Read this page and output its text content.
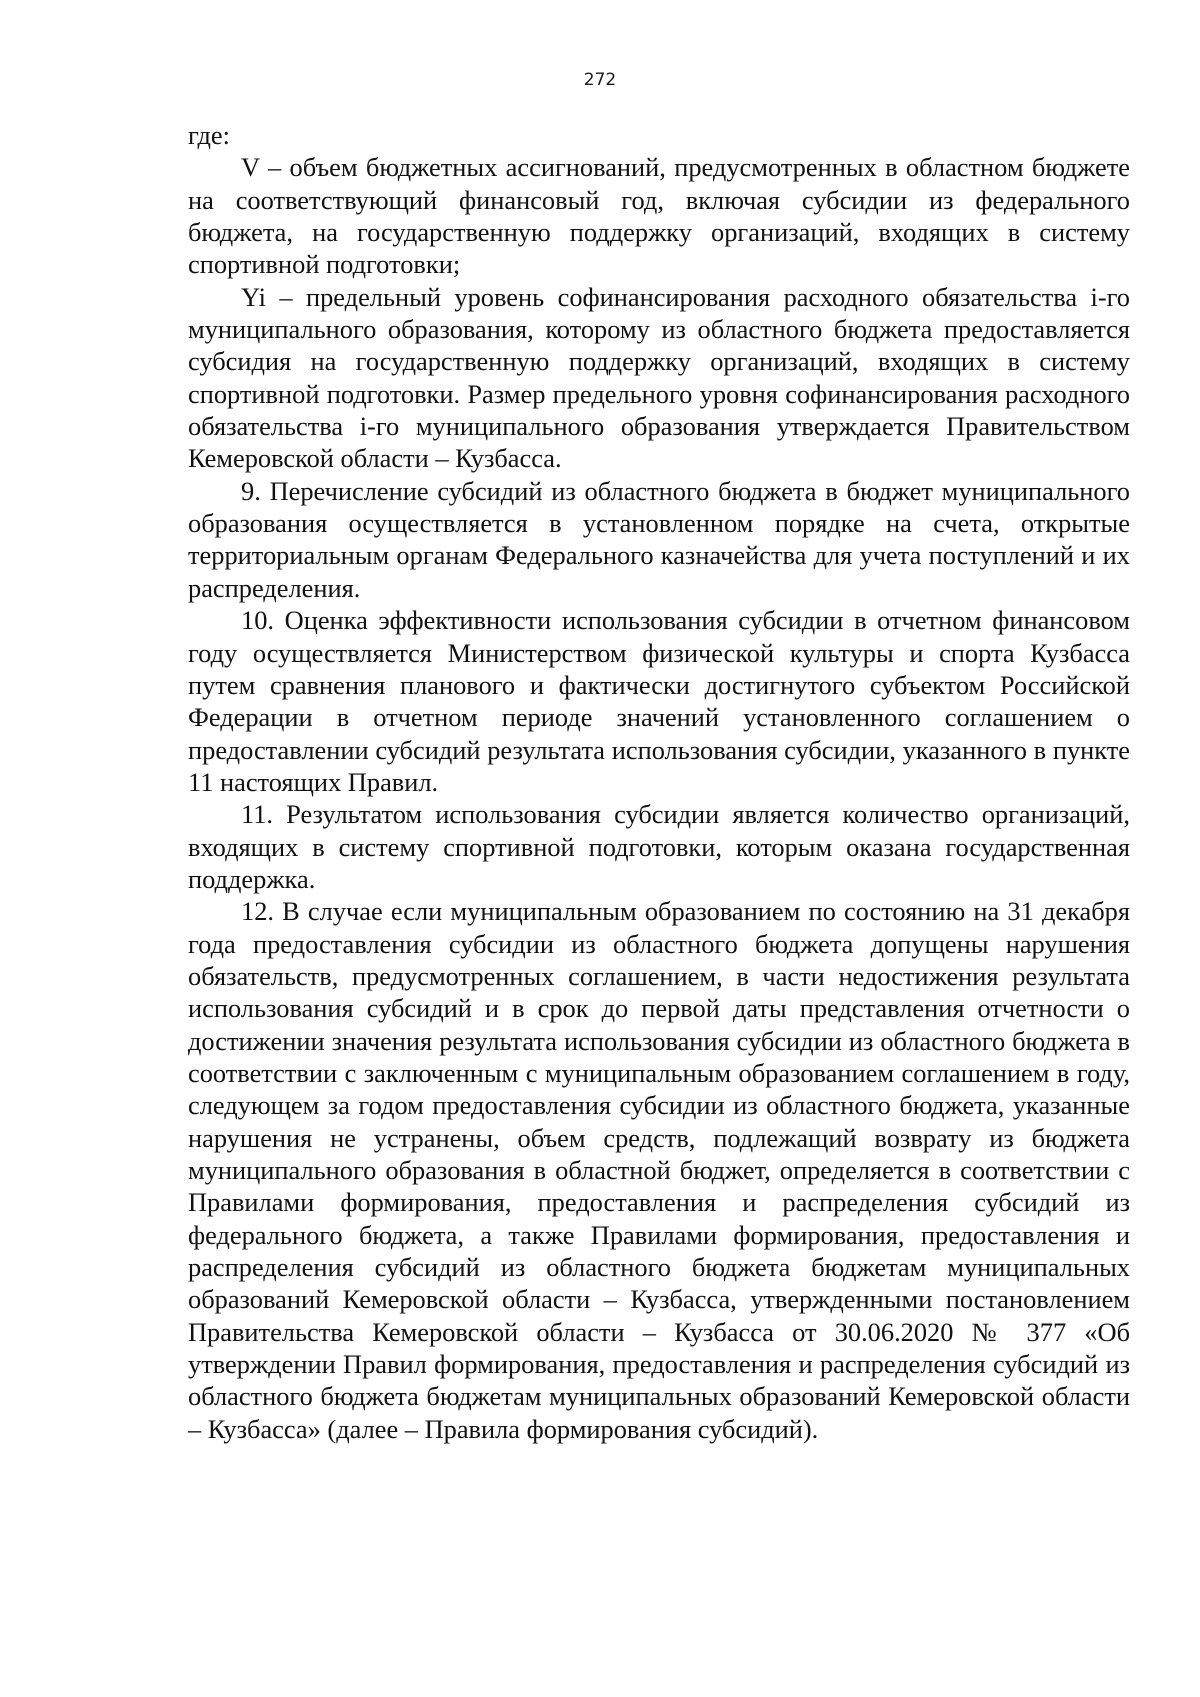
272

где:

V – объем бюджетных ассигнований, предусмотренных в областном бюджете на соответствующий финансовый год, включая субсидии из федерального бюджета, на государственную поддержку организаций, входящих в систему спортивной подготовки;

Yi – предельный уровень софинансирования расходного обязательства i-го муниципального образования, которому из областного бюджета предоставляется субсидия на государственную поддержку организаций, входящих в систему спортивной подготовки. Размер предельного уровня софинансирования расходного обязательства i-го муниципального образования утверждается Правительством Кемеровской области – Кузбасса.

9. Перечисление субсидий из областного бюджета в бюджет муниципального образования осуществляется в установленном порядке на счета, открытые территориальным органам Федерального казначейства для учета поступлений и их распределения.

10. Оценка эффективности использования субсидии в отчетном финансовом году осуществляется Министерством физической культуры и спорта Кузбасса путем сравнения планового и фактически достигнутого субъектом Российской Федерации в отчетном периоде значений установленного соглашением о предоставлении субсидий результата использования субсидии, указанного в пункте 11 настоящих Правил.

11. Результатом использования субсидии является количество организаций, входящих в систему спортивной подготовки, которым оказана государственная поддержка.

12. В случае если муниципальным образованием по состоянию на 31 декабря года предоставления субсидии из областного бюджета допущены нарушения обязательств, предусмотренных соглашением, в части недостижения результата использования субсидий и в срок до первой даты представления отчетности о достижении значения результата использования субсидии из областного бюджета в соответствии с заключенным с муниципальным образованием соглашением в году, следующем за годом предоставления субсидии из областного бюджета, указанные нарушения не устранены, объем средств, подлежащий возврату из бюджета муниципального образования в областной бюджет, определяется в соответствии с Правилами формирования, предоставления и распределения субсидий из федерального бюджета, а также Правилами формирования, предоставления и распределения субсидий из областного бюджета бюджетам муниципальных образований Кемеровской области – Кузбасса, утвержденными постановлением Правительства Кемеровской области – Кузбасса от 30.06.2020 № 377 «Об утверждении Правил формирования, предоставления и распределения субсидий из областного бюджета бюджетам муниципальных образований Кемеровской области – Кузбасса» (далее – Правила формирования субсидий).
